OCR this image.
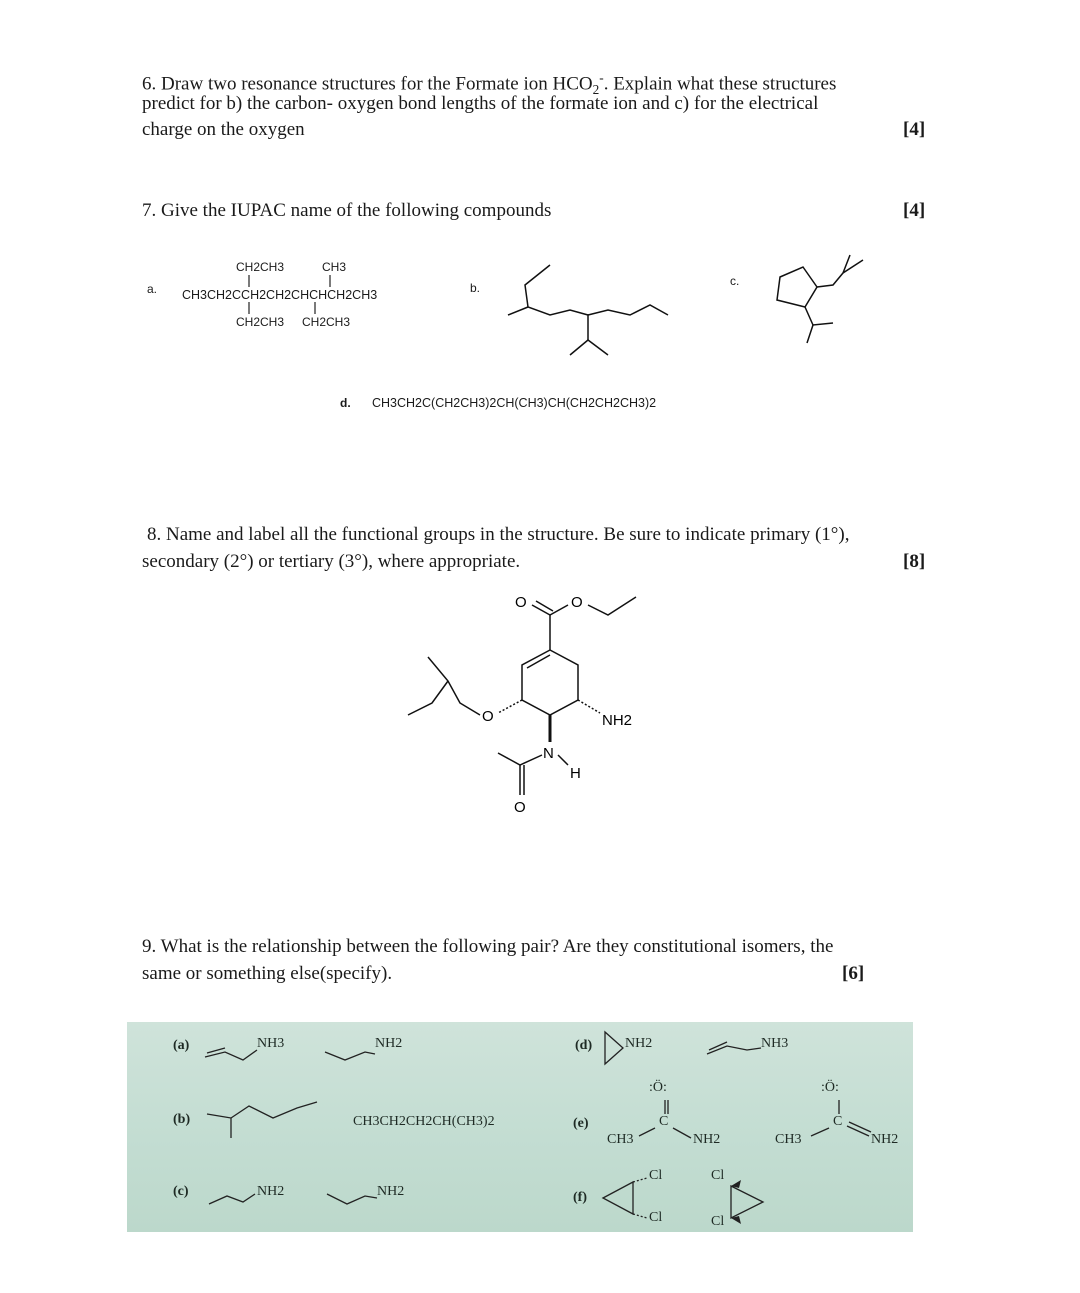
6. Draw two resonance structures for the Formate ion $HCO_2^-$. Explain what these structures
predict for b) the carbon- oxygen bond lengths of the formate ion and c) for the electrical
charge on the oxygen	[4]
7. Give the IUPAC name of the following compounds	[4]
a.
CH2CH3	CH3
CH3CH2CCH2CH2CHCHCH2CH3
CH2CH3 CH2CH3
b.	c.
d. CH3CH2C(CH2CH3)2CH(CH3)CH(CH2CH2CH3)2
8. Name and label all the functional groups in the structure. Be sure to indicate primary (1°),
secondary (2°) or tertiary (3°), where appropriate.	[8]
O	O
O	NH2
N
H
O
9. What is the relationship between the following pair? Are they constitutional isomers, the
same or something else(specify).	[6]
(a)	NH3	NH2	(d) NH2	NH3
(b)	CH3CH2CH2CH(CH3)2	(e)
:Ö:
C
CH3	NH2
:Ö:
C
CH3	NH2
(c)	NH2	NH2	(f)
Cl
Cl
Cl
Cl
